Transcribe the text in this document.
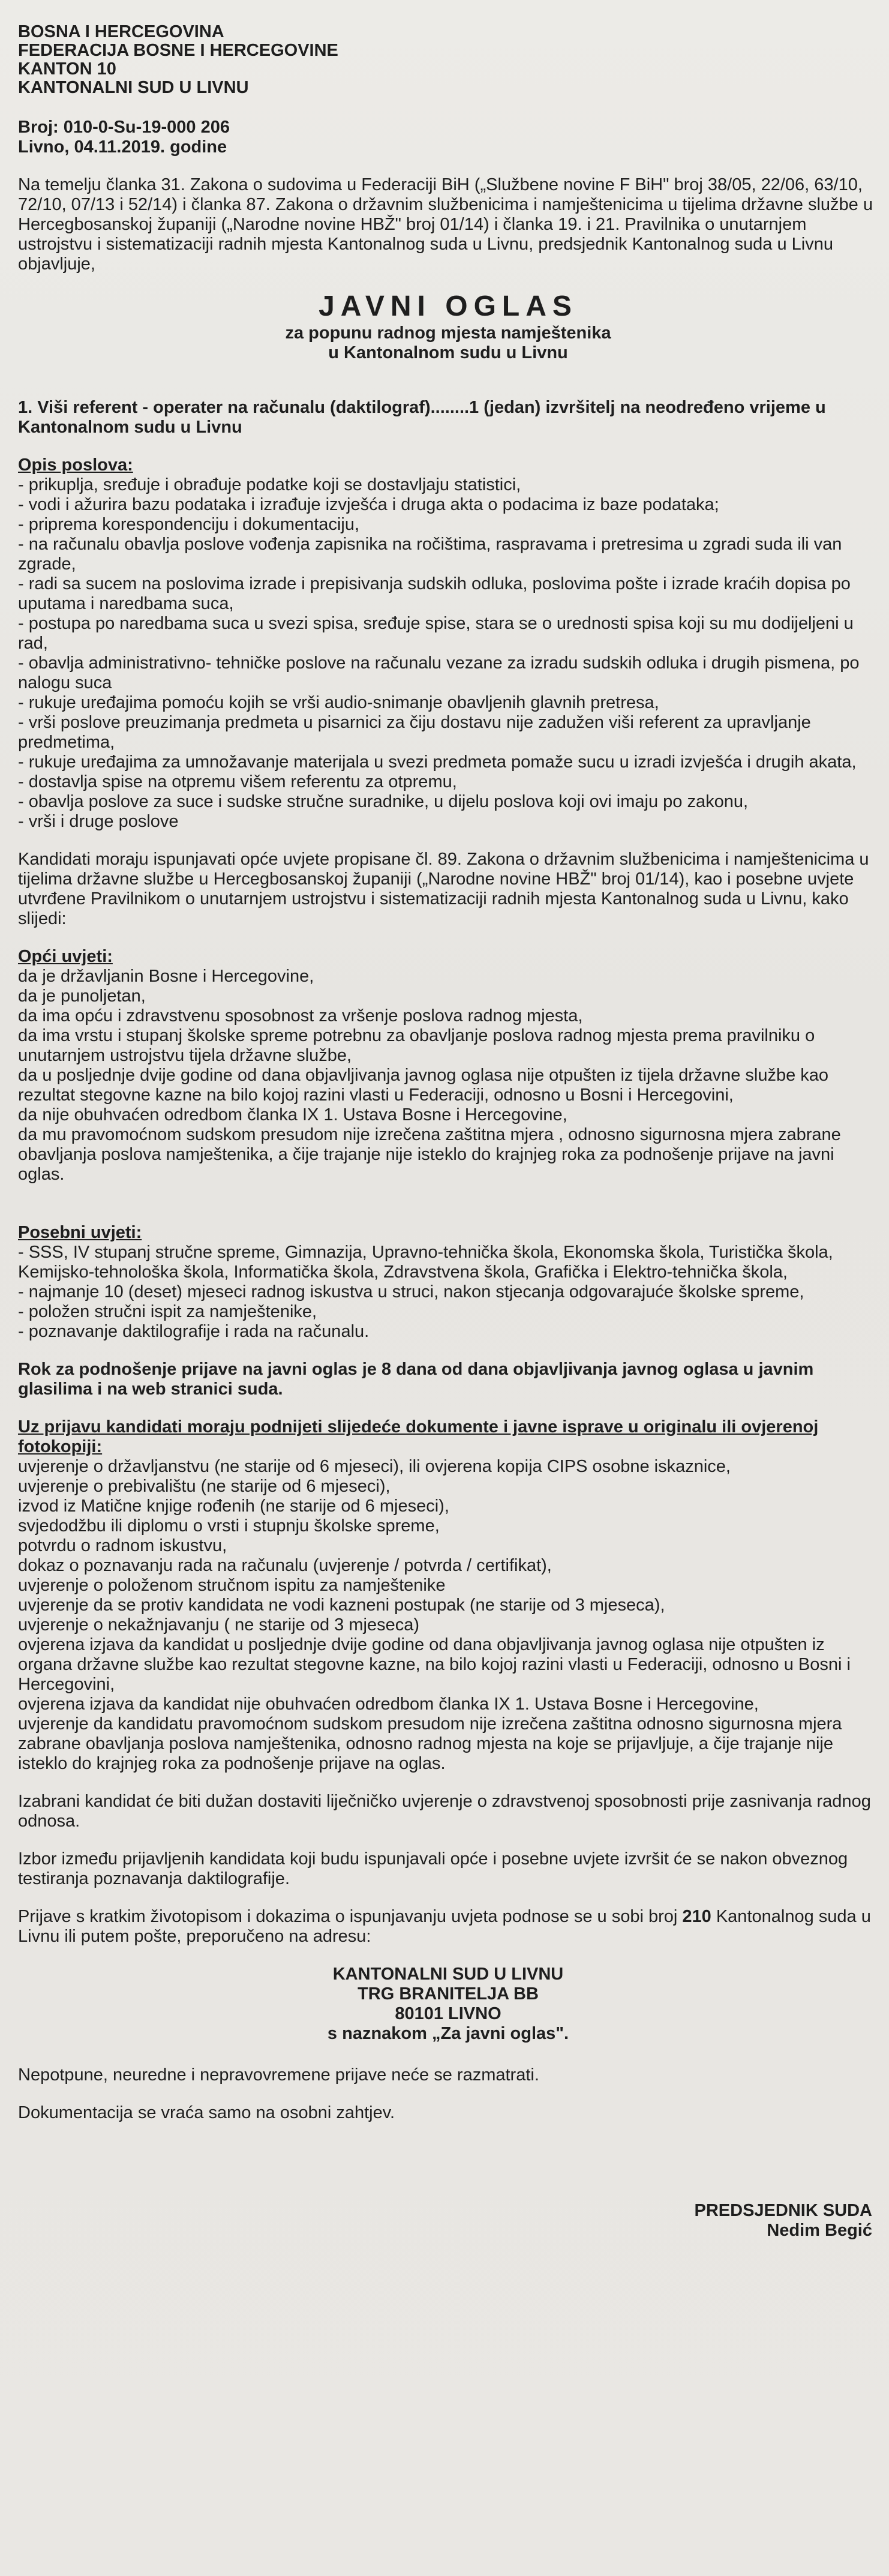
BOSNA I HERCEGOVINA
FEDERACIJA BOSNE I HERCEGOVINE
KANTON 10
KANTONALNI SUD U LIVNU
Broj: 010-0-Su-19-000 206
Livno, 04.11.2019. godine

Na temelju članka 31. Zakona o sudovima u Federaciji BiH („Službene novine F BiH" broj 38/05, 22/06, 63/10, 72/10, 07/13 i 52/14) i članka 87. Zakona o državnim službenicima i namještenicima u tijelima državne službe u Hercegbosanskoj županiji („Narodne novine HBŽ" broj 01/14) i članka 19. i 21. Pravilnika o unutarnjem ustrojstvu i sistematizaciji radnih mjesta Kantonalnog suda u Livnu, predsjednik Kantonalnog suda u Livnu objavljuje,

JAVNI OGLAS
za popunu radnog mjesta namještenika
u Kantonalnom sudu u Livnu

1. Viši referent - operater na računalu (daktilograf)........1 (jedan) izvršitelj na neodređeno vrijeme u Kantonalnom sudu u Livnu

Opis poslova:
- prikuplja, sređuje i obrađuje podatke koji se dostavljaju statistici,
- vodi i ažurira bazu podataka i izrađuje izvješća i druga akta o podacima iz baze podataka;
- priprema korespondenciju i dokumentaciju,
- na računalu obavlja poslove vođenja zapisnika na ročištima, raspravama i pretresima u zgradi suda ili van zgrade,
- radi sa sucem na poslovima izrade i prepisivanja sudskih odluka, poslovima pošte i izrade kraćih dopisa po uputama i naredbama suca,
- postupa po naredbama suca u svezi spisa, sređuje spise, stara se o urednosti spisa koji su mu dodijeljeni u rad,
- obavlja administrativno- tehničke poslove na računalu vezane za izradu sudskih odluka i drugih pismena, po nalogu suca
- rukuje uređajima pomoću kojih se vrši audio-snimanje obavljenih glavnih pretresa,
- vrši poslove preuzimanja predmeta u pisarnici za čiju dostavu nije zadužen viši referent za upravljanje predmetima,
- rukuje uređajima za umnožavanje materijala u svezi predmeta pomaže sucu u izradi izvješća i drugih akata,
- dostavlja spise na otpremu višem referentu za otpremu,
- obavlja poslove za suce i sudske stručne suradnike, u dijelu poslova koji ovi imaju po zakonu,
- vrši i druge poslove

Kandidati moraju ispunjavati opće uvjete propisane čl. 89. Zakona o državnim službenicima i namještenicima u tijelima državne službe u Hercegbosanskoj županiji („Narodne novine HBŽ" broj 01/14), kao i posebne uvjete utvrđene Pravilnikom o unutarnjem ustrojstvu i sistematizaciji radnih mjesta Kantonalnog suda u Livnu, kako slijedi:

Opći uvjeti:
da je državljanin Bosne i Hercegovine,
da je punoljetan,
da ima opću i zdravstvenu sposobnost za vršenje poslova radnog mjesta,
da ima vrstu i stupanj školske spreme potrebnu za obavljanje poslova radnog mjesta prema pravilniku o unutarnjem ustrojstvu tijela državne službe,
da u posljednje dvije godine od dana objavljivanja javnog oglasa nije otpušten iz tijela državne službe kao rezultat stegovne kazne na bilo kojoj razini vlasti u Federaciji, odnosno u Bosni i Hercegovini,
da nije obuhvaćen odredbom članka IX 1. Ustava Bosne i Hercegovine,
da mu pravomoćnom sudskom presudom nije izrečena zaštitna mjera , odnosno sigurnosna mjera zabrane obavljanja poslova namještenika, a čije trajanje nije isteklo do krajnjeg roka za podnošenje prijave na javni oglas.
Posebni uvjeti:
- SSS, IV stupanj stručne spreme, Gimnazija, Upravno-tehnička škola, Ekonomska škola, Turistička škola, Kemijsko-tehnološka škola, Informatička škola, Zdravstvena škola, Grafička i Elektro-tehnička škola,
- najmanje 10 (deset) mjeseci radnog iskustva u struci, nakon stjecanja odgovarajuće školske spreme,
- položen stručni ispit za namještenike,
- poznavanje daktilografije i rada na računalu.

Rok za podnošenje prijave na javni oglas je 8 dana od dana objavljivanja javnog oglasa u javnim glasilima i na web stranici suda.

Uz prijavu kandidati moraju podnijeti slijedeće dokumente i javne isprave u originalu ili ovjerenoj fotokopiji:

uvjerenje o državljanstvu (ne starije od 6 mjeseci), ili ovjerena kopija CIPS osobne iskaznice,
uvjerenje o prebivalištu (ne starije od 6 mjeseci),
izvod iz Matične knjige rođenih (ne starije od 6 mjeseci),
svjedodžbu ili diplomu o vrsti i stupnju školske spreme,
potvrdu o radnom iskustvu,
dokaz o poznavanju rada na računalu (uvjerenje / potvrda / certifikat),
uvjerenje o položenom stručnom ispitu za namještenike
uvjerenje da se protiv kandidata ne vodi kazneni postupak (ne starije od 3 mjeseca),
uvjerenje o nekažnjavanju ( ne starije od 3 mjeseca)
ovjerena izjava da kandidat u posljednje dvije godine od dana objavljivanja javnog oglasa nije otpušten iz organa državne službe kao rezultat stegovne kazne, na bilo kojoj razini vlasti u Federaciji, odnosno u Bosni i Hercegovini,
ovjerena izjava da kandidat nije obuhvaćen odredbom članka IX 1. Ustava Bosne i Hercegovine,
uvjerenje da kandidatu pravomoćnom sudskom presudom nije izrečena zaštitna odnosno sigurnosna mjera zabrane obavljanja poslova namještenika, odnosno radnog mjesta na koje se prijavljuje, a čije trajanje nije isteklo do krajnjeg roka za podnošenje prijave na oglas.

Izabrani kandidat će biti dužan dostaviti liječničko uvjerenje o zdravstvenoj sposobnosti prije zasnivanja radnog odnosa.

Izbor između prijavljenih kandidata koji budu ispunjavali opće i posebne uvjete izvršit će se nakon obveznog testiranja poznavanja daktilografije.

Prijave s kratkim životopisom i dokazima o ispunjavanju uvjeta podnose se u sobi broj 210 Kantonalnog suda u Livnu ili putem pošte, preporučeno na adresu:

KANTONALNI SUD U LIVNU
TRG BRANITELJA BB
80101 LIVNO
s naznakom „Za javni oglas".

Nepotpune, neuredne i nepravovremene prijave neće se razmatrati.

Dokumentacija se vraća samo na osobni zahtjev.

PREDSJEDNIK SUDA
Nedim Begić
